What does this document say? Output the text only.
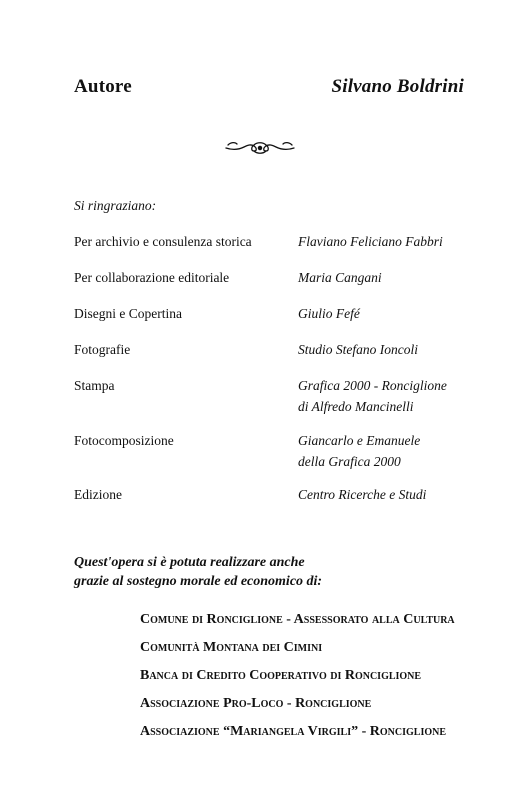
Autore	Silvano Boldrini
Si ringraziano:
Per archivio e consulenza storica	Flaviano Feliciano Fabbri
Per collaborazione editoriale	Maria Cangani
Disegni e Copertina	Giulio Fefé
Fotografie	Studio Stefano Ioncoli
Stampa	Grafica 2000 - Ronciglione
di Alfredo Mancinelli
Fotocomposizione	Giancarlo e Emanuele
della Grafica 2000
Edizione	Centro Ricerche e Studi
Quest'opera si è potuta realizzare anche
grazie al sostegno morale ed economico di:
Comune di Ronciglione - Assessorato alla Cultura
Comunità Montana dei Cimini
Banca di Credito Cooperativo di Ronciglione
Associazione Pro-Loco - Ronciglione
Associazione “Mariangela Virgili” - Ronciglione
